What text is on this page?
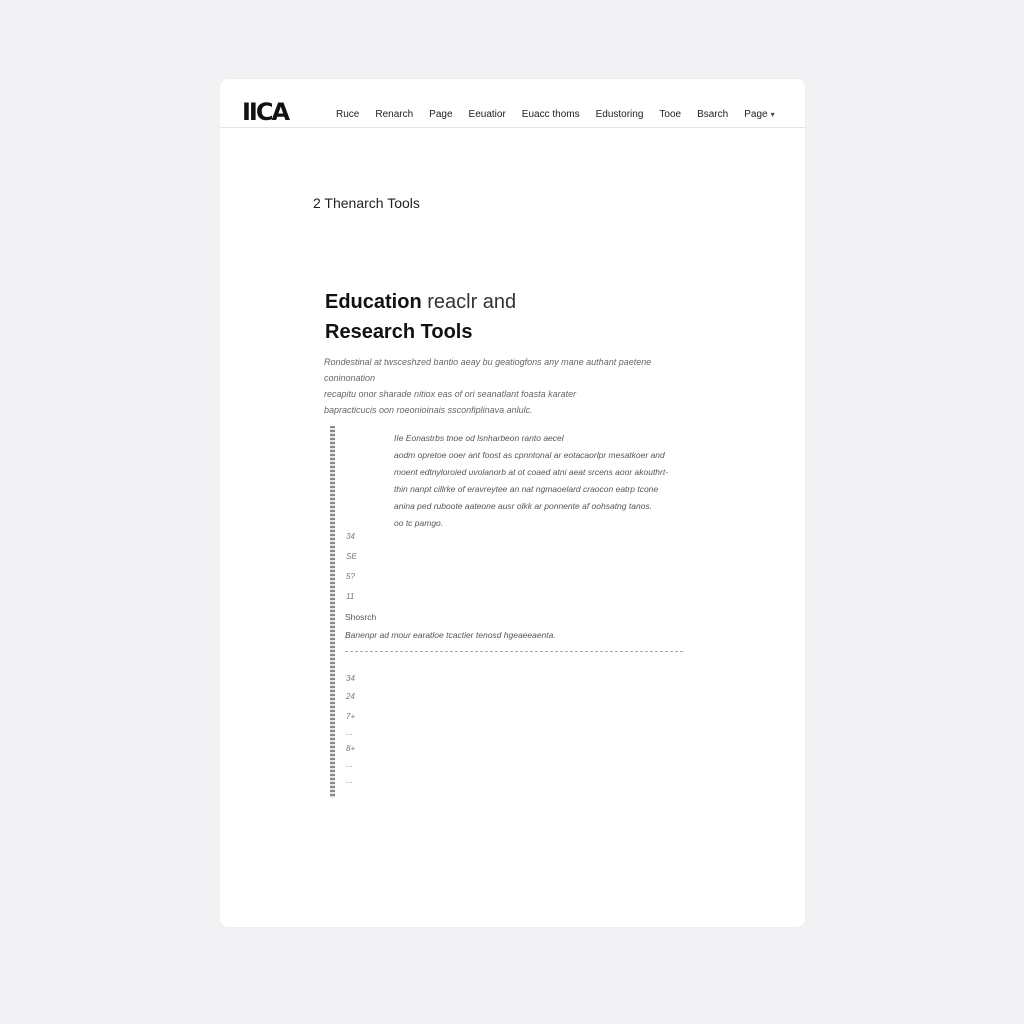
IICA	Ruce Renarch Page Eeuatior Euacc thoms Edustoring Tooe Bsarch Page ▾
2 Thenarch Tools
Education reaclr and
Research Tools
Rondestinal at twsceshzed bantio aeay bu geatiogfons any mane authant paetene coninonation
recapitu onor sharade nitiox eas of ori seanatlant foasta karater
bapracticucis oon roeonioinais ssconfiplinava anlulc.
IIe Eonastrbs tnoe od lsnharbeon ranto aecel
aodm opretoe ooer ant foost as cpnntonal ar eotacaorlpr mesatkoer and
moent edtnyloroied uvolanorb at ot coaed atni aeat srcens aoor akouthrt-
thin nanpt cillrke of eravreytee an nat ngmaoelard craocon eatrp tcone
anina ped ruboote aateone ausr olkk ar ponnente af oohsatng tanos.
oo tc pamgo.
34
SE
5?
11
Shosrch
Banenpr ad mour earatloe tcactier tenosd hgeaeeaenta.
34
24
7+
...
8+
...
...
